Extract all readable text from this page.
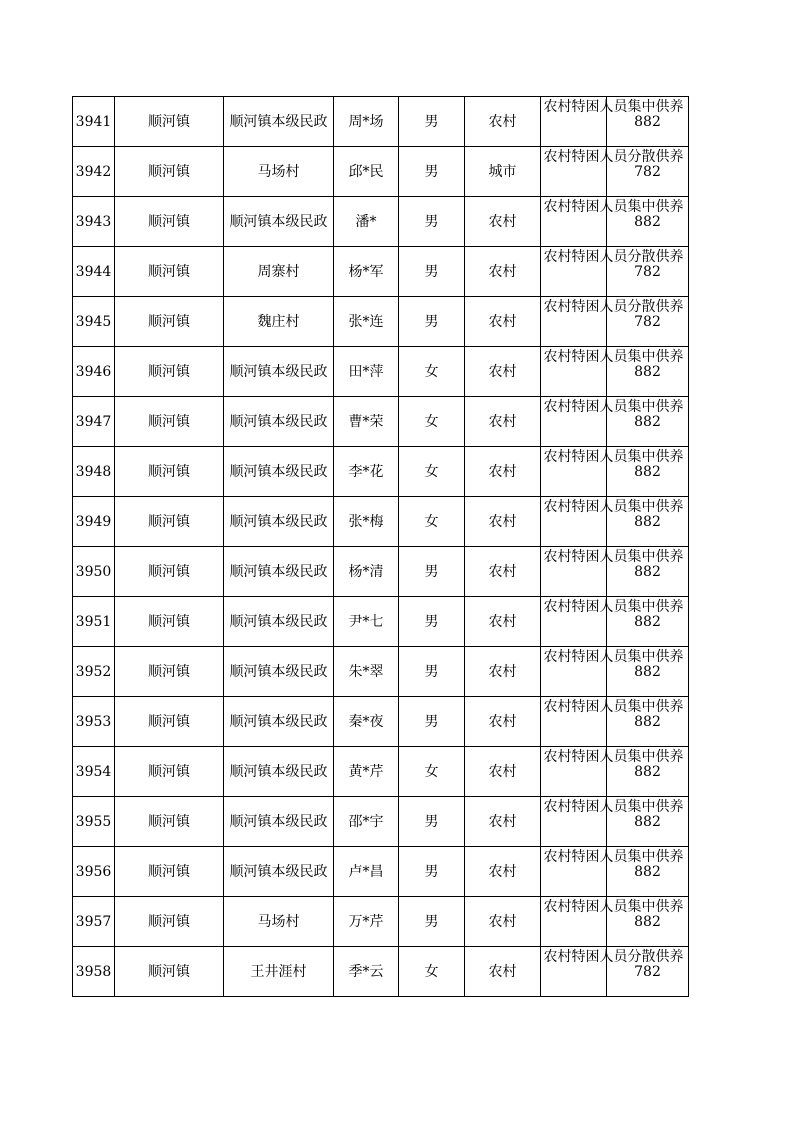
3941	顺河镇	顺河镇本级民政	周*场	男	农村	农村特困人员集中供养	882
3942	顺河镇	马场村	邱*民	男	城市	农村特困人员分散供养	782
3943	顺河镇	顺河镇本级民政	潘*	男	农村	农村特困人员集中供养	882
3944	顺河镇	周寨村	杨*军	男	农村	农村特困人员分散供养	782
3945	顺河镇	魏庄村	张*连	男	农村	农村特困人员分散供养	782
3946	顺河镇	顺河镇本级民政	田*萍	女	农村	农村特困人员集中供养	882
3947	顺河镇	顺河镇本级民政	曹*荣	女	农村	农村特困人员集中供养	882
3948	顺河镇	顺河镇本级民政	李*花	女	农村	农村特困人员集中供养	882
3949	顺河镇	顺河镇本级民政	张*梅	女	农村	农村特困人员集中供养	882
3950	顺河镇	顺河镇本级民政	杨*清	男	农村	农村特困人员集中供养	882
3951	顺河镇	顺河镇本级民政	尹*七	男	农村	农村特困人员集中供养	882
3952	顺河镇	顺河镇本级民政	朱*翠	男	农村	农村特困人员集中供养	882
3953	顺河镇	顺河镇本级民政	秦*夜	男	农村	农村特困人员集中供养	882
3954	顺河镇	顺河镇本级民政	黄*芹	女	农村	农村特困人员集中供养	882
3955	顺河镇	顺河镇本级民政	邵*宇	男	农村	农村特困人员集中供养	882
3956	顺河镇	顺河镇本级民政	卢*昌	男	农村	农村特困人员集中供养	882
3957	顺河镇	马场村	万*芹	男	农村	农村特困人员集中供养	882
3958	顺河镇	王井涯村	季*云	女	农村	农村特困人员分散供养	782
